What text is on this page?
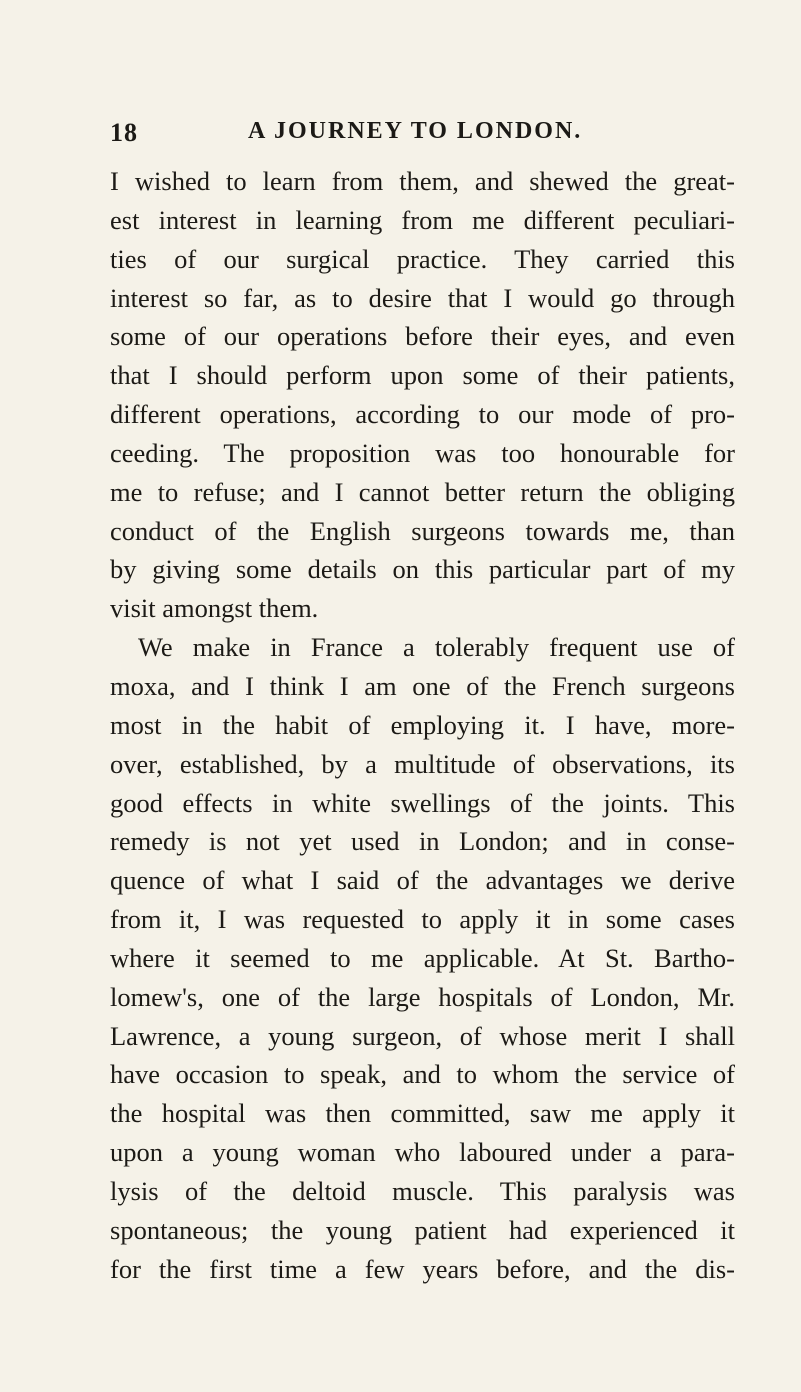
18	A JOURNEY TO LONDON.
I wished to learn from them, and shewed the great-
est interest in learning from me different peculiari-
ties of our surgical practice. They carried this
interest so far, as to desire that I would go through
some of our operations before their eyes, and even
that I should perform upon some of their patients,
different operations, according to our mode of pro-
ceeding. The proposition was too honourable for
me to refuse; and I cannot better return the obliging
conduct of the English surgeons towards me, than
by giving some details on this particular part of my
visit amongst them.
We make in France a tolerably frequent use of
moxa, and I think I am one of the French surgeons
most in the habit of employing it. I have, more-
over, established, by a multitude of observations, its
good effects in white swellings of the joints. This
remedy is not yet used in London; and in conse-
quence of what I said of the advantages we derive
from it, I was requested to apply it in some cases
where it seemed to me applicable. At St. Bartho-
lomew's, one of the large hospitals of London, Mr.
Lawrence, a young surgeon, of whose merit I shall
have occasion to speak, and to whom the service of
the hospital was then committed, saw me apply it
upon a young woman who laboured under a para-
lysis of the deltoid muscle. This paralysis was
spontaneous; the young patient had experienced it
for the first time a few years before, and the dis-
